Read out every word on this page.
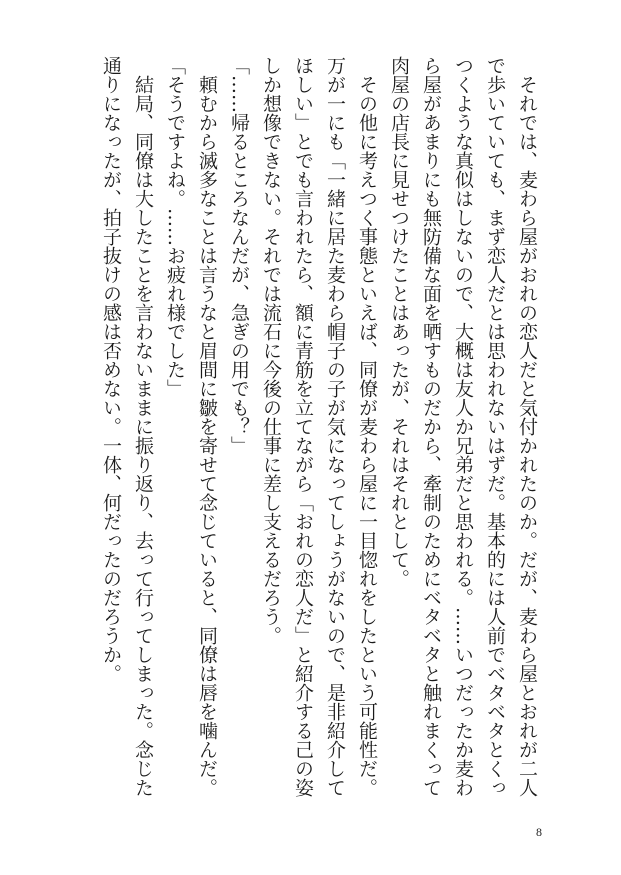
　それでは、麦わら屋がおれの恋人だと気付かれたのか。だが、麦わら屋とおれが二人
で歩いていても、まず恋人だとは思われないはずだ。基本的には人前でベタベタとくっ
つくような真似はしないので、大概は友人か兄弟だと思われる。……いつだったか麦わ
ら屋があまりにも無防備な面を晒すものだから、牽制のためにベタベタと触れまくって
肉屋の店長に見せつけたことはあったが、それはそれとして。
　その他に考えつく事態といえば、同僚が麦わら屋に一目惚れをしたという可能性だ。
万が一にも「一緒に居た麦わら帽子の子が気になってしょうがないので、是非紹介して
ほしい」とでも言われたら、額に青筋を立てながら「おれの恋人だ」と紹介する己の姿
しか想像できない。それでは流石に今後の仕事に差し支えるだろう。
「……帰るところなんだが、急ぎの用でも？」
　頼むから滅多なことは言うなと眉間に皺を寄せて念じていると、同僚は唇を噛んだ。
「そうですよね。……お疲れ様でした」
　結局、同僚は大したことを言わないままに振り返り、去って行ってしまった。念じた
通りになったが、拍子抜けの感は否めない。一体、何だったのだろうか。
8
